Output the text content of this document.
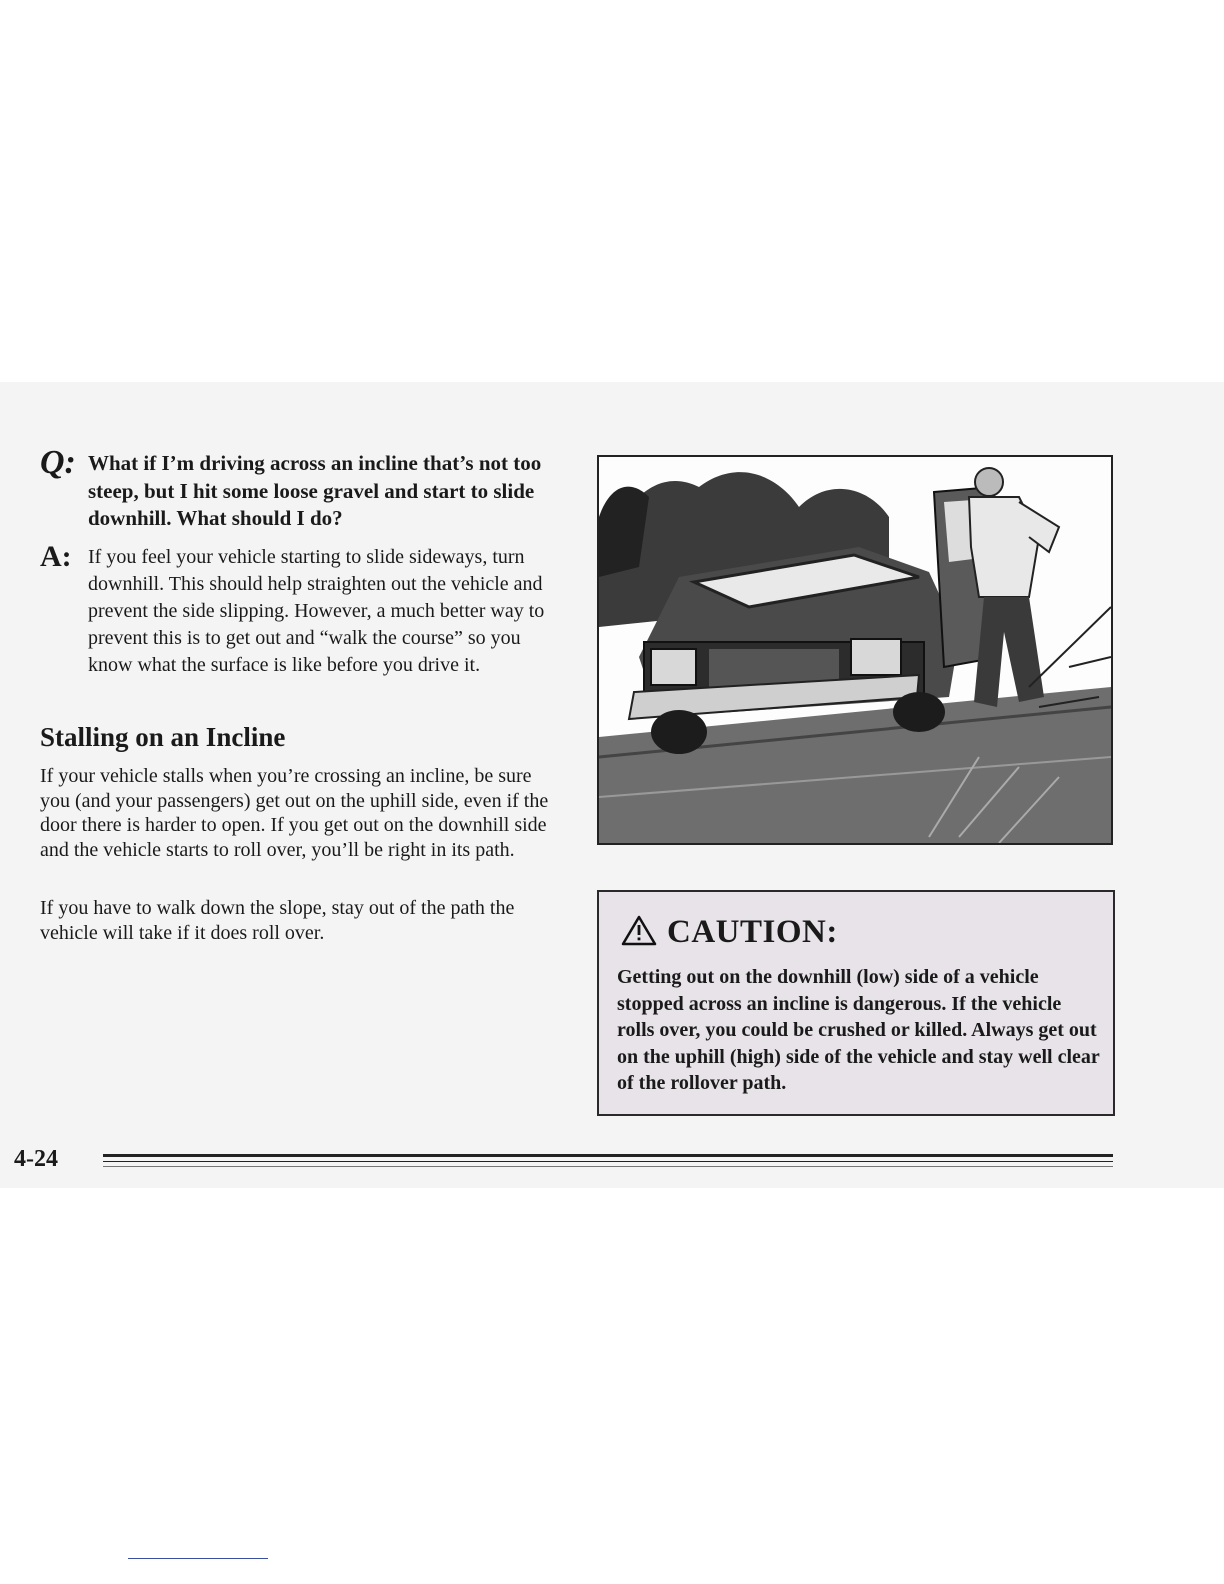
Q: What if I’m driving across an incline that’s not too steep, but I hit some loose gravel and start to slide downhill. What should I do?
A: If you feel your vehicle starting to slide sideways, turn downhill. This should help straighten out the vehicle and prevent the side slipping. However, a much better way to prevent this is to get out and “walk the course” so you know what the surface is like before you drive it.
Stalling on an Incline

If your vehicle stalls when you’re crossing an incline, be sure you (and your passengers) get out on the uphill side, even if the door there is harder to open. If you get out on the downhill side and the vehicle starts to roll over, you’ll be right in its path.

If you have to walk down the slope, stay out of the path the vehicle will take if it does roll over.	CAUTION:
Getting out on the downhill (low) side of a vehicle stopped across an incline is dangerous. If the vehicle rolls over, you could be crushed or killed. Always get out on the uphill (high) side of the vehicle and stay well clear of the rollover path.
4-24
